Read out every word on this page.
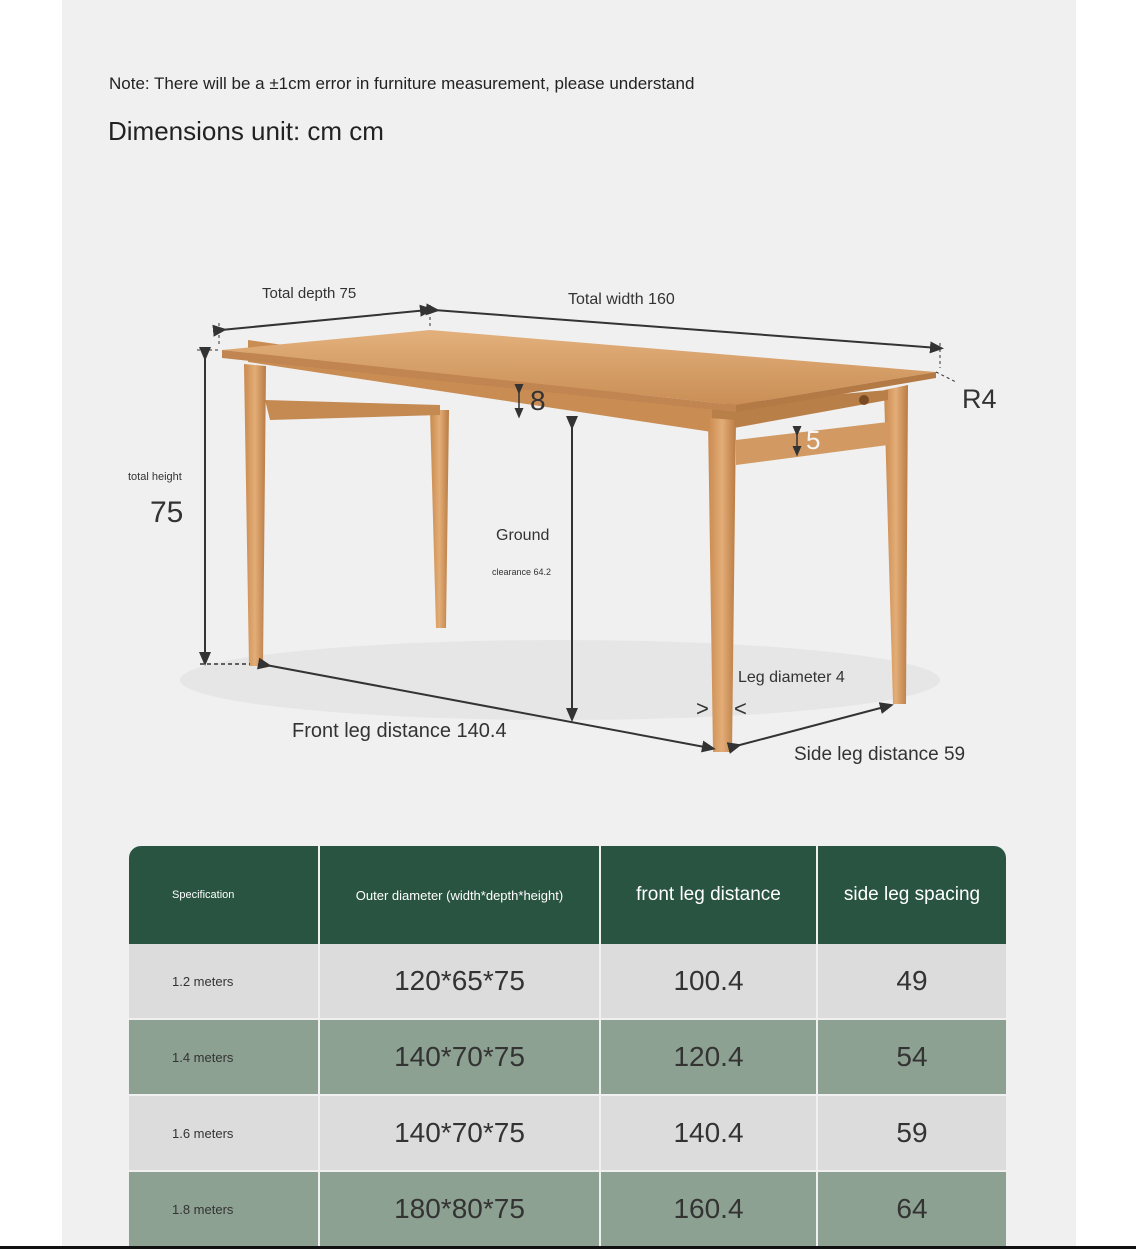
Note: There will be a ±1cm error in furniture measurement, please understand
Dimensions unit: cm cm
Total depth 75	Total width 160
total height
75
8
5
R4
Ground
clearance 64.2
Leg diameter 4
> <
Front leg distance 140.4
Side leg distance 59
Specification	Outer diameter (width*depth*height)	front leg distance	side leg spacing
1.2 meters	120*65*75	100.4	49
1.4 meters	140*70*75	120.4	54
1.6 meters	140*70*75	140.4	59
1.8 meters	180*80*75	160.4	64
